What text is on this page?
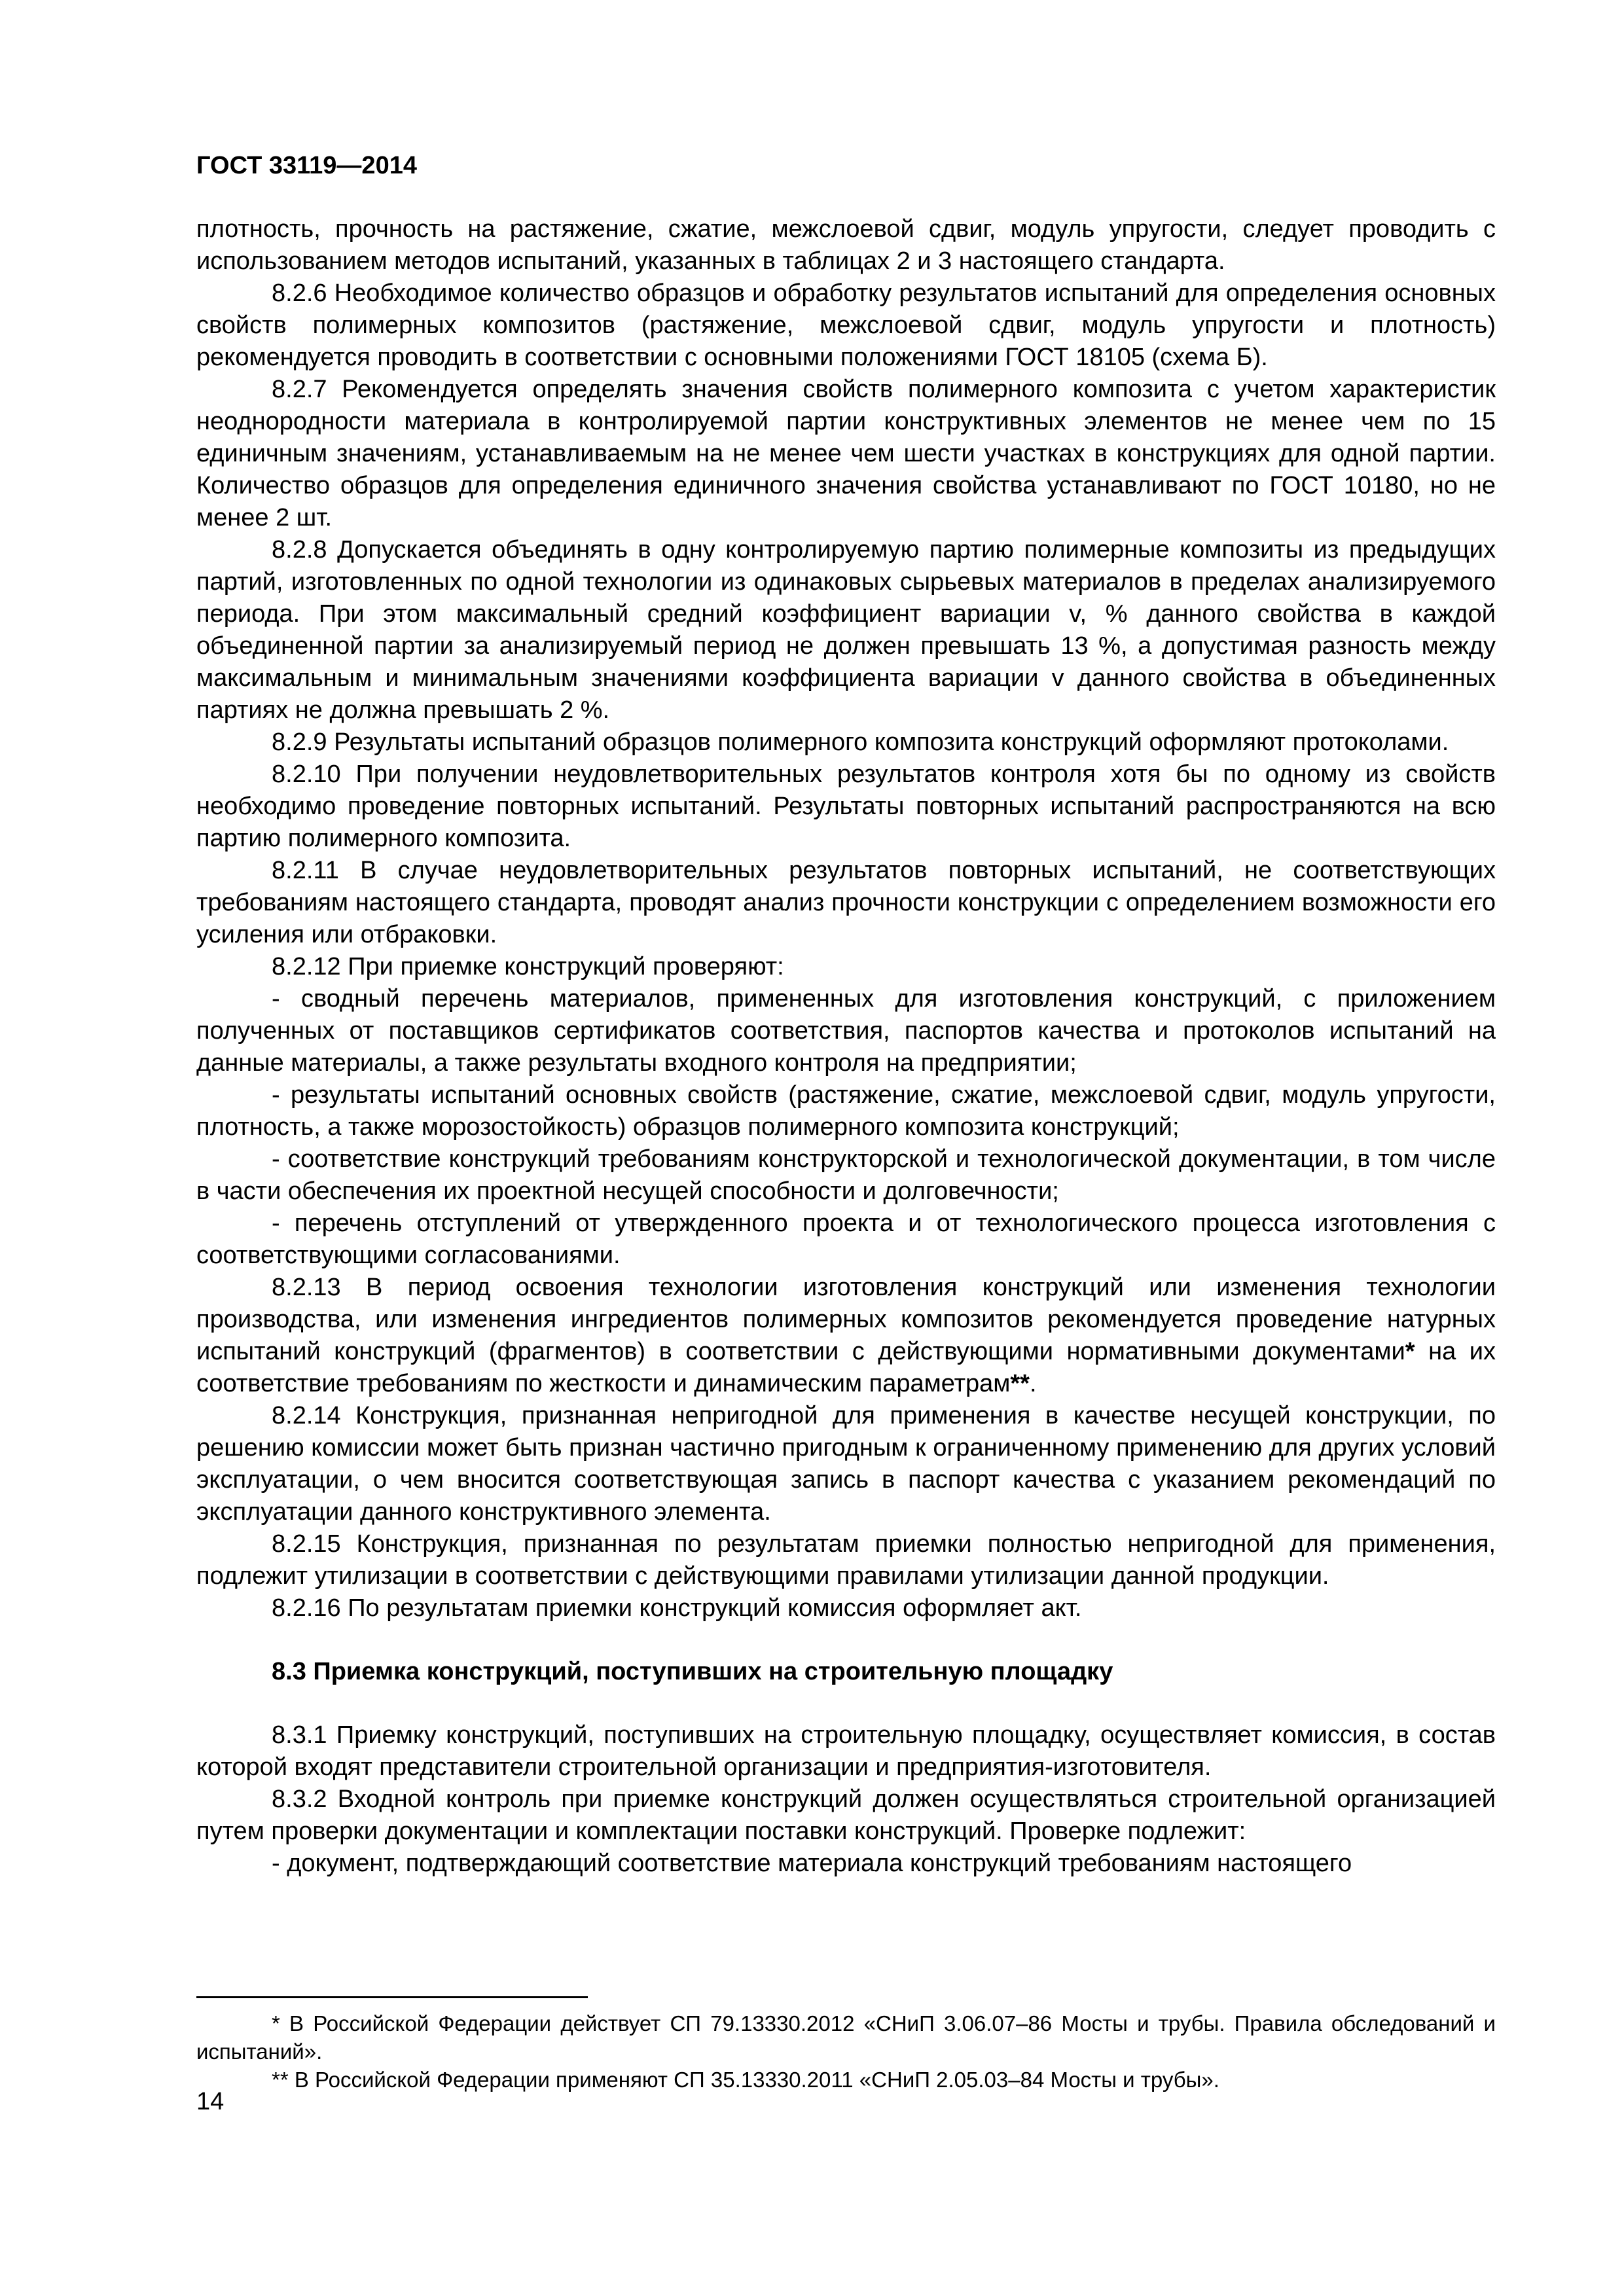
ГОСТ 33119—2014

плотность, прочность на растяжение, сжатие, межслоевой сдвиг, модуль упругости, следует проводить с использованием методов испытаний, указанных в таблицах 2 и 3 настоящего стандарта.

8.2.6 Необходимое количество образцов и обработку результатов испытаний для определения основных свойств полимерных композитов (растяжение, межслоевой сдвиг, модуль упругости и плотность) рекомендуется проводить в соответствии с основными положениями ГОСТ 18105 (схема Б).

8.2.7 Рекомендуется определять значения свойств полимерного композита с учетом характеристик неоднородности материала в контролируемой партии конструктивных элементов не менее чем по 15 единичным значениям, устанавливаемым на не менее чем шести участках в конструкциях для одной партии. Количество образцов для определения единичного значения свойства устанавливают по ГОСТ 10180, но не менее 2 шт.

8.2.8 Допускается объединять в одну контролируемую партию полимерные композиты из предыдущих партий, изготовленных по одной технологии из одинаковых сырьевых материалов в пределах анализируемого периода. При этом максимальный средний коэффициент вариации v, % данного свойства в каждой объединенной партии за анализируемый период не должен превышать 13 %, а допустимая разность между максимальным и минимальным значениями коэффициента вариации v данного свойства в объединенных партиях не должна превышать 2 %.

8.2.9 Результаты испытаний образцов полимерного композита конструкций оформляют протоколами.

8.2.10 При получении неудовлетворительных результатов контроля хотя бы по одному из свойств необходимо проведение повторных испытаний. Результаты повторных испытаний распространяются на всю партию полимерного композита.

8.2.11 В случае неудовлетворительных результатов повторных испытаний, не соответствующих требованиям настоящего стандарта, проводят анализ прочности конструкции с определением возможности его усиления или отбраковки.

8.2.12 При приемке конструкций проверяют:

- сводный перечень материалов, примененных для изготовления конструкций, с приложением полученных от поставщиков сертификатов соответствия, паспортов качества и протоколов испытаний на данные материалы, а также результаты входного контроля на предприятии;

- результаты испытаний основных свойств (растяжение, сжатие, межслоевой сдвиг, модуль упругости, плотность, а также морозостойкость) образцов полимерного композита конструкций;

- соответствие конструкций требованиям конструкторской и технологической документации, в том числе в части обеспечения их проектной несущей способности и долговечности;

- перечень отступлений от утвержденного проекта и от технологического процесса изготовления с соответствующими согласованиями.

8.2.13 В период освоения технологии изготовления конструкций или изменения технологии производства, или изменения ингредиентов полимерных композитов рекомендуется проведение натурных испытаний конструкций (фрагментов) в соответствии с действующими нормативными документами* на их соответствие требованиям по жесткости и динамическим параметрам**.

8.2.14 Конструкция, признанная непригодной для применения в качестве несущей конструкции, по решению комиссии может быть признан частично пригодным к ограниченному применению для других условий эксплуатации, о чем вносится соответствующая запись в паспорт качества с указанием рекомендаций по эксплуатации данного конструктивного элемента.

8.2.15 Конструкция, признанная по результатам приемки полностью непригодной для применения, подлежит утилизации в соответствии с действующими правилами утилизации данной продукции.

8.2.16 По результатам приемки конструкций комиссия оформляет акт.

8.3 Приемка конструкций, поступивших на строительную площадку

8.3.1 Приемку конструкций, поступивших на строительную площадку, осуществляет комиссия, в состав которой входят представители строительной организации и предприятия-изготовителя.

8.3.2 Входной контроль при приемке конструкций должен осуществляться строительной организацией путем проверки документации и комплектации поставки конструкций. Проверке подлежит:

- документ, подтверждающий соответствие материала конструкций требованиям настоящего

* В Российской Федерации действует СП 79.13330.2012 «СНиП 3.06.07–86 Мосты и трубы. Правила обследований и испытаний».

** В Российской Федерации применяют СП 35.13330.2011 «СНиП 2.05.03–84 Мосты и трубы».

14
